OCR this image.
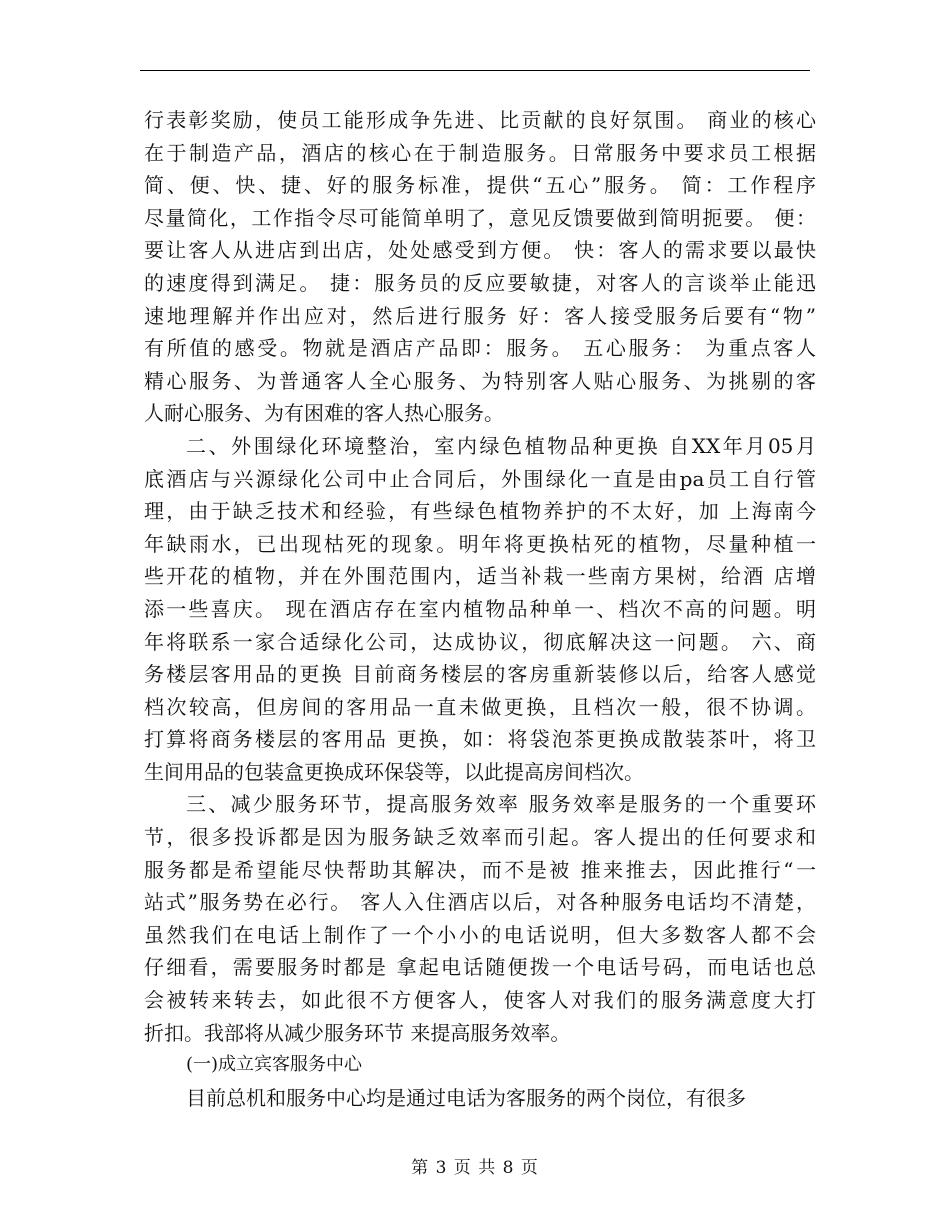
行表彰奖励，使员工能形成争先进、比贡献的良好氛围。 商业的核心
在于制造产品，酒店的核心在于制造服务。日常服务中要求员工根据
简、便、快、捷、好的服务标准，提供“五心”服务。 简：工作程序
尽量简化，工作指令尽可能简单明了，意见反馈要做到简明扼要。 便：
要让客人从进店到出店，处处感受到方便。 快：客人的需求要以最快
的速度得到满足。 捷：服务员的反应要敏捷，对客人的言谈举止能迅
速地理解并作出应对，然后进行服务 好：客人接受服务后要有“物”
有所值的感受。物就是酒店产品即：服务。 五心服务： 为重点客人
精心服务、为普通客人全心服务、为特别客人贴心服务、为挑剔的客
人耐心服务、为有困难的客人热心服务。
二、外围绿化环境整治，室内绿色植物品种更换 自XX年月05月
底酒店与兴源绿化公司中止合同后，外围绿化一直是由pa员工自行管
理，由于缺乏技术和经验，有些绿色植物养护的不太好，加 上海南今
年缺雨水，已出现枯死的现象。明年将更换枯死的植物，尽量种植一
些开花的植物，并在外围范围内，适当补栽一些南方果树，给酒 店增
添一些喜庆。 现在酒店存在室内植物品种单一、档次不高的问题。明
年将联系一家合适绿化公司，达成协议，彻底解决这一问题。 六、商
务楼层客用品的更换 目前商务楼层的客房重新装修以后，给客人感觉
档次较高，但房间的客用品一直未做更换，且档次一般，很不协调。
打算将商务楼层的客用品 更换，如：将袋泡茶更换成散装茶叶，将卫
生间用品的包装盒更换成环保袋等，以此提高房间档次。
三、减少服务环节，提高服务效率 服务效率是服务的一个重要环
节，很多投诉都是因为服务缺乏效率而引起。客人提出的任何要求和
服务都是希望能尽快帮助其解决，而不是被 推来推去，因此推行“一
站式”服务势在必行。 客人入住酒店以后，对各种服务电话均不清楚，
虽然我们在电话上制作了一个小小的电话说明，但大多数客人都不会
仔细看，需要服务时都是 拿起电话随便拨一个电话号码，而电话也总
会被转来转去，如此很不方便客人，使客人对我们的服务满意度大打
折扣。我部将从减少服务环节 来提高服务效率。
(一)成立宾客服务中心
目前总机和服务中心均是通过电话为客服务的两个岗位，有很多
第 3 页 共 8 页
